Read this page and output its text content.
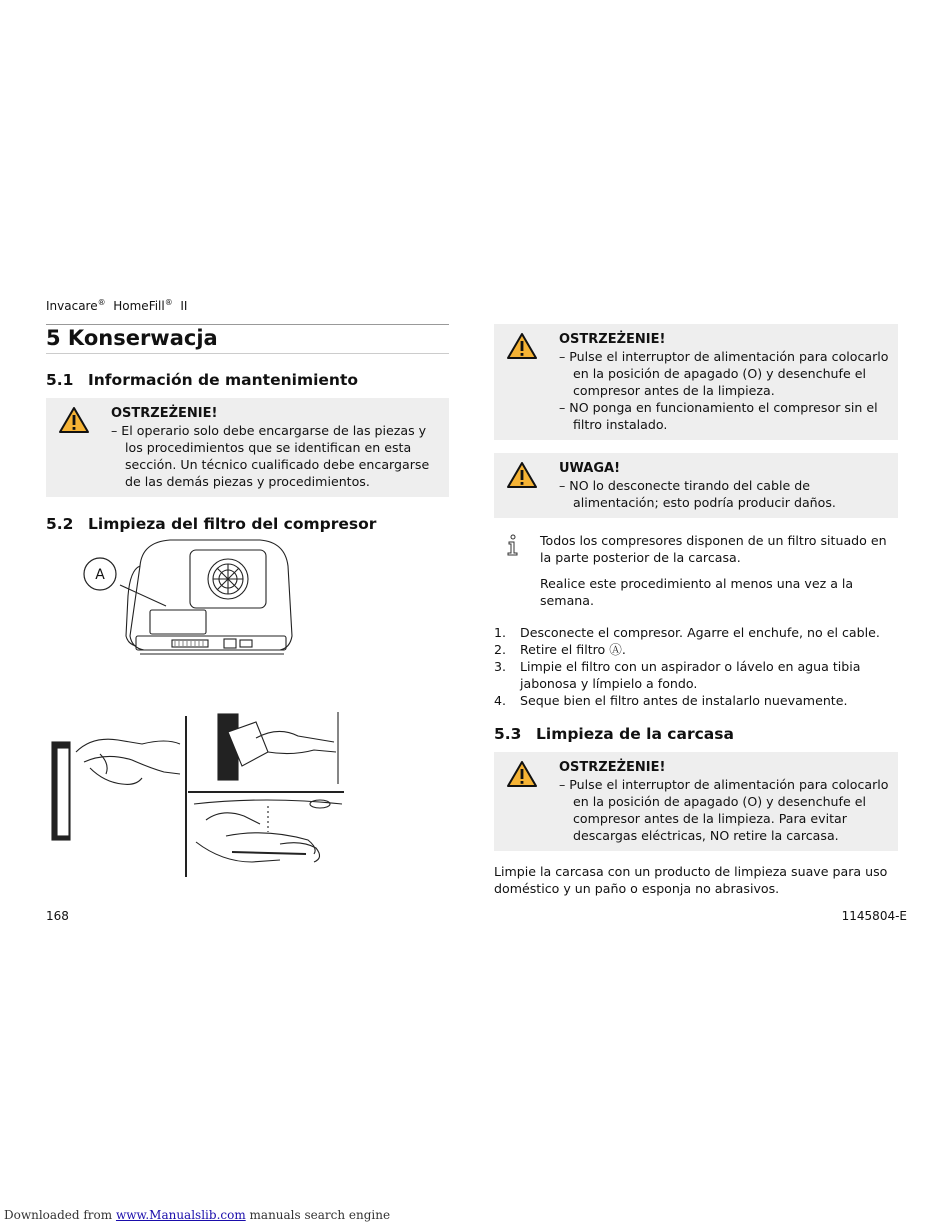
Invacare® HomeFill® II
5 Konserwacja
5.1 Información de mantenimiento
OSTRZEŻENIE!
– El operario solo debe encargarse de las piezas y los procedimientos que se identifican en esta sección. Un técnico cualificado debe encargarse de las demás piezas y procedimientos.
5.2 Limpieza del filtro del compresor
A
OSTRZEŻENIE!
– Pulse el interruptor de alimentación para colocarlo en la posición de apagado (O) y desenchufe el compresor antes de la limpieza.
– NO ponga en funcionamiento el compresor sin el filtro instalado.
UWAGA!
– NO lo desconecte tirando del cable de alimentación; esto podría producir daños.
Todos los compresores disponen de un filtro situado en la parte posterior de la carcasa.
Realice este procedimiento al menos una vez a la semana.
1. Desconecte el compresor. Agarre el enchufe, no el cable.
2. Retire el filtro Ⓐ.
3. Limpie el filtro con un aspirador o lávelo en agua tibia jabonosa y límpielo a fondo.
4. Seque bien el filtro antes de instalarlo nuevamente.
5.3 Limpieza de la carcasa
OSTRZEŻENIE!
– Pulse el interruptor de alimentación para colocarlo en la posición de apagado (O) y desenchufe el compresor antes de la limpieza. Para evitar descargas eléctricas, NO retire la carcasa.
Limpie la carcasa con un producto de limpieza suave para uso doméstico y un paño o esponja no abrasivos.
168	1145804-E
Downloaded from www.Manualslib.com manuals search engine
